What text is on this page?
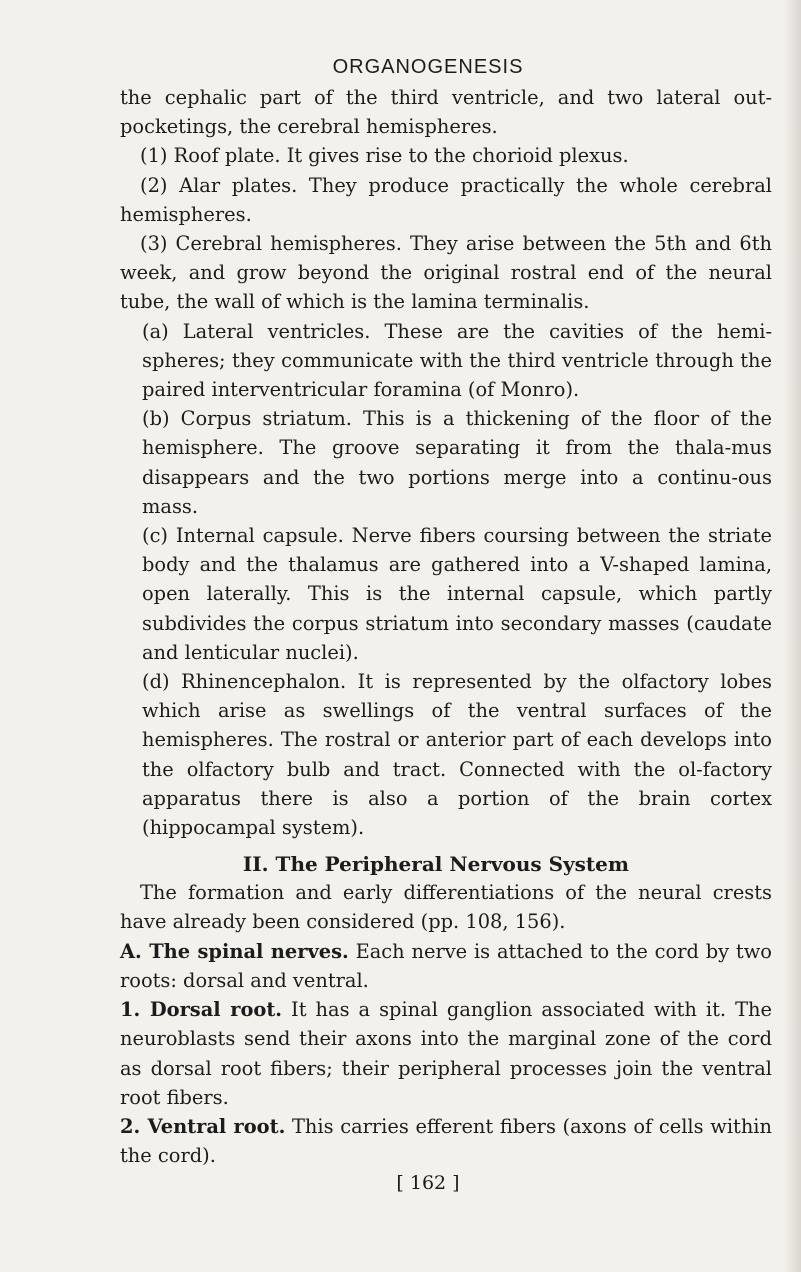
ORGANOGENESIS

the cephalic part of the third ventricle, and two lateral out-pocketings, the cerebral hemispheres.

(1) Roof plate. It gives rise to the chorioid plexus.

(2) Alar plates. They produce practically the whole cerebral hemispheres.

(3) Cerebral hemispheres. They arise between the 5th and 6th week, and grow beyond the original rostral end of the neural tube, the wall of which is the lamina terminalis.

(a) Lateral ventricles. These are the cavities of the hemi-spheres; they communicate with the third ventricle through the paired interventricular foramina (of Monro).

(b) Corpus striatum. This is a thickening of the floor of the hemisphere. The groove separating it from the thala-mus disappears and the two portions merge into a continu-ous mass.

(c) Internal capsule. Nerve fibers coursing between the striate body and the thalamus are gathered into a V-shaped lamina, open laterally. This is the internal capsule, which partly subdivides the corpus striatum into secondary masses (caudate and lenticular nuclei).

(d) Rhinencephalon. It is represented by the olfactory lobes which arise as swellings of the ventral surfaces of the hemispheres. The rostral or anterior part of each develops into the olfactory bulb and tract. Connected with the ol-factory apparatus there is also a portion of the brain cortex (hippocampal system).

II. The Peripheral Nervous System

The formation and early differentiations of the neural crests have already been considered (pp. 108, 156).

A. The spinal nerves. Each nerve is attached to the cord by two roots: dorsal and ventral.

1. Dorsal root. It has a spinal ganglion associated with it. The neuroblasts send their axons into the marginal zone of the cord as dorsal root fibers; their peripheral processes join the ventral root fibers.

2. Ventral root. This carries efferent fibers (axons of cells within the cord).

[ 162 ]
